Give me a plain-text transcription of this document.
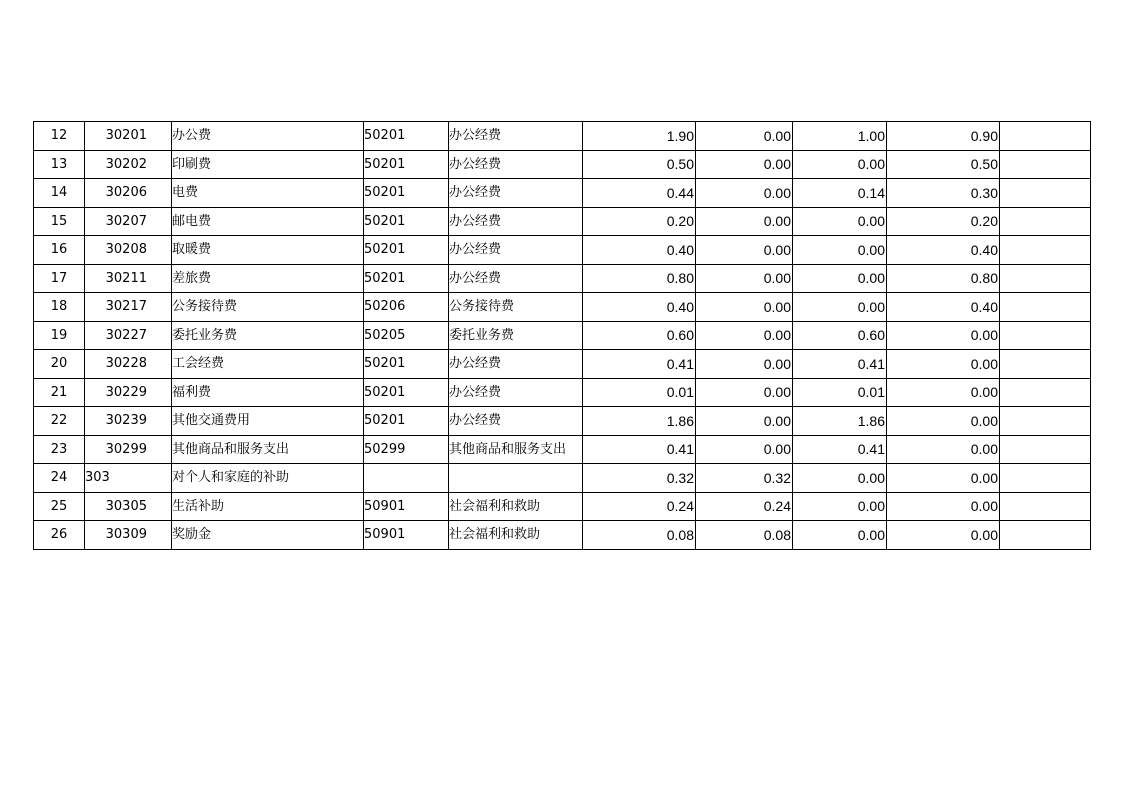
12	30201	办公费	50201	办公经费	1.90	0.00	1.00	0.90	
13	30202	印刷费	50201	办公经费	0.50	0.00	0.00	0.50	
14	30206	电费	50201	办公经费	0.44	0.00	0.14	0.30	
15	30207	邮电费	50201	办公经费	0.20	0.00	0.00	0.20	
16	30208	取暖费	50201	办公经费	0.40	0.00	0.00	0.40	
17	30211	差旅费	50201	办公经费	0.80	0.00	0.00	0.80	
18	30217	公务接待费	50206	公务接待费	0.40	0.00	0.00	0.40	
19	30227	委托业务费	50205	委托业务费	0.60	0.00	0.60	0.00	
20	30228	工会经费	50201	办公经费	0.41	0.00	0.41	0.00	
21	30229	福利费	50201	办公经费	0.01	0.00	0.01	0.00	
22	30239	其他交通费用	50201	办公经费	1.86	0.00	1.86	0.00	
23	30299	其他商品和服务支出	50299	其他商品和服务支出	0.41	0.00	0.41	0.00	
24	303	对个人和家庭的补助			0.32	0.32	0.00	0.00	
25	30305	生活补助	50901	社会福利和救助	0.24	0.24	0.00	0.00	
26	30309	奖励金	50901	社会福利和救助	0.08	0.08	0.00	0.00	
